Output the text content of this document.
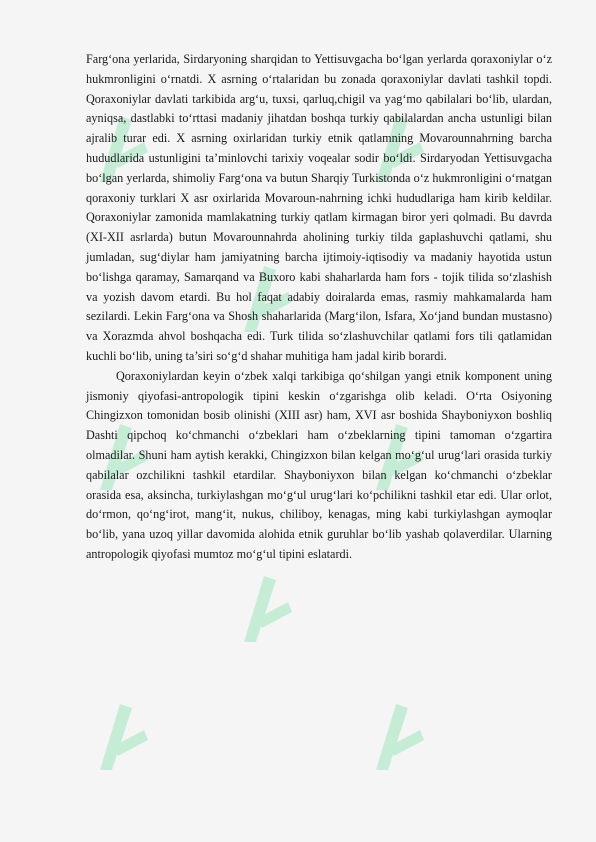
Farg‘ona yerlarida, Sirdaryoning sharqidan to Yettisuvgacha bo‘lgan yerlarda qoraxoniylar o‘z hukmronligini o‘rnatdi. X asrning o‘rtalaridan bu zonada qoraxoniylar davlati tashkil topdi. Qoraxoniylar davlati tarkibida arg‘u, tuxsi, qarluq,chigil va yag‘mo qabilalari bo‘lib, ulardan, ayniqsa, dastlabki to‘rttasi madaniy jihatdan boshqa turkiy qabilalardan ancha ustunligi bilan ajralib turar edi. X asrning oxirlaridan turkiy etnik qatlamning Movarounnahrning barcha hududlarida ustunligini ta’minlovchi tarixiy voqealar sodir bo‘ldi. Sirdaryodan Yettisuvgacha bo‘lgan yerlarda, shimoliy Farg‘ona va butun Sharqiy Turkistonda o‘z hukmronligini o‘rnatgan qoraxoniy turklari X asr oxirlarida Movaroun-nahrning ichki hududlariga ham kirib keldilar. Qoraxoniylar zamonida mamlakatning turkiy qatlam kirmagan biror yeri qolmadi. Bu davrda (XI-XII asrlarda) butun Movarounnahrda aholining turkiy tilda gaplashuvchi qatlami, shu jumladan, sug‘diylar ham jamiyatning barcha ijtimoiy-iqtisodiy va madaniy hayotida ustun bo‘lishga qaramay, Samarqand va Buxoro kabi shaharlarda ham fors - tojik tilida so‘zlashish va yozish davom etardi. Bu hol faqat adabiy doiralarda emas, rasmiy mahkamalarda ham sezilardi. Lekin Farg‘ona va Shosh shaharlarida (Marg‘ilon, Isfara, Xo‘jand bundan mustasno) va Xorazmda ahvol boshqacha edi. Turk tilida so‘zlashuvchilar qatlami fors tili qatlamidan kuchli bo‘lib, uning ta’siri so‘g‘d shahar muhitiga ham jadal kirib borardi.

Qoraxoniylardan keyin o‘zbek xalqi tarkibiga qo‘shilgan yangi etnik komponent uning jismoniy qiyofasi-antropologik tipini keskin o‘zgarishga olib keladi. O‘rta Osiyoning Chingizxon tomonidan bosib olinishi (XIII asr) ham, XVI asr boshida Shayboniyxon boshliq Dashti qipchoq ko‘chmanchi o‘zbeklari ham o‘zbeklarning tipini tamoman o‘zgartira olmadilar. Shuni ham aytish kerakki, Chingizxon bilan kelgan mo‘g‘ul urug‘lari orasida turkiy qabilalar ozchilikni tashkil etardilar. Shayboniyxon bilan kelgan ko‘chmanchi o‘zbeklar orasida esa, aksincha, turkiylashgan mo‘g‘ul urug‘lari ko‘pchilikni tashkil etar edi. Ular orlot, do‘rmon, qo‘ng‘irot, mang‘it, nukus, chiliboy, kenagas, ming kabi turkiylashgan aymoqlar bo‘lib, yana uzoq yillar davomida alohida etnik guruhlar bo‘lib yashab qolaverdilar. Ularning antropologik qiyofasi mumtoz mo‘g‘ul tipini eslatardi.
